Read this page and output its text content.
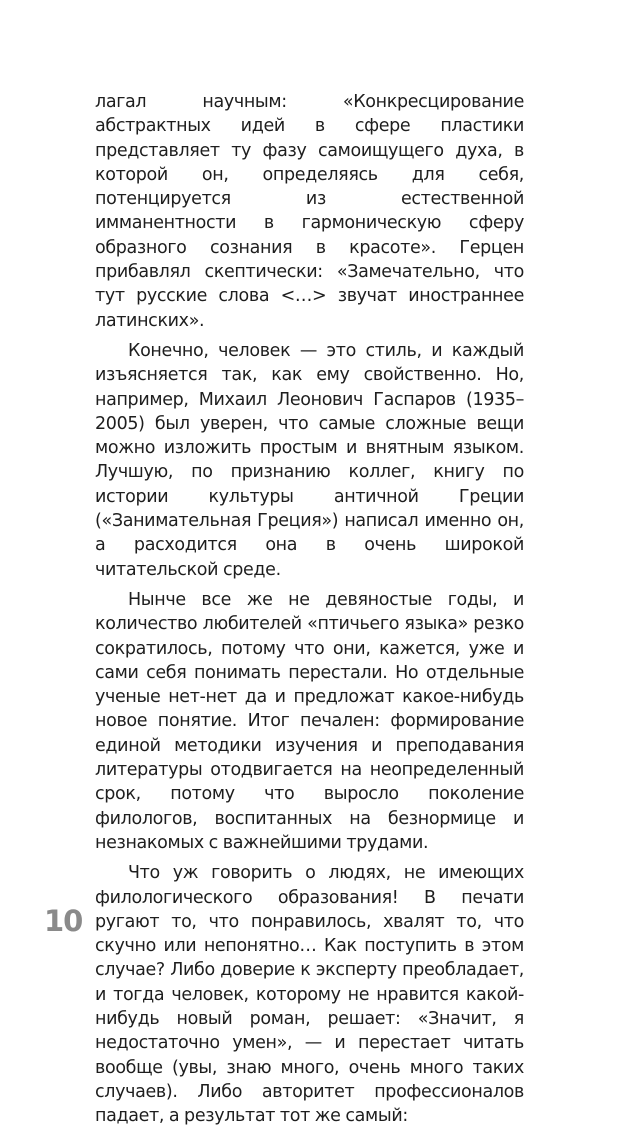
лагал научным: «Конкресцирование абстрактных идей в сфере пластики представляет ту фазу самоищущего духа, в которой он, определяясь для себя, потенцируется из естественной имманентности в гармоническую сферу образного сознания в красоте». Герцен прибавлял скептически: «Замечательно, что тут русские слова <…> звучат иностраннее латинских».

Конечно, человек — это стиль, и каждый изъясняется так, как ему свойственно. Но, например, Михаил Леонович Гаспаров (1935–2005) был уверен, что самые сложные вещи можно изложить простым и внятным языком. Лучшую, по признанию коллег, книгу по истории культуры античной Греции («Занимательная Греция») написал именно он, а расходится она в очень широкой читательской среде.

Нынче все же не девяностые годы, и количество любителей «птичьего языка» резко сократилось, потому что они, кажется, уже и сами себя понимать перестали. Но отдельные ученые нет-нет да и предложат какое-нибудь новое понятие. Итог печален: формирование единой методики изучения и преподавания литературы отодвигается на неопределенный срок, потому что выросло поколение филологов, воспитанных на безнормице и незнакомых с важнейшими трудами.

Что уж говорить о людях, не имеющих филологического образования! В печати ругают то, что понравилось, хвалят то, что скучно или непонятно… Как поступить в этом случае? Либо доверие к эксперту преобладает, и тогда человек, которому не нравится какой-нибудь новый роман, решает: «Значит, я недостаточно умен», — и перестает читать вообще (увы, знаю много, очень много таких случаев). Либо авторитет профессионалов падает, а результат тот же самый:

10
